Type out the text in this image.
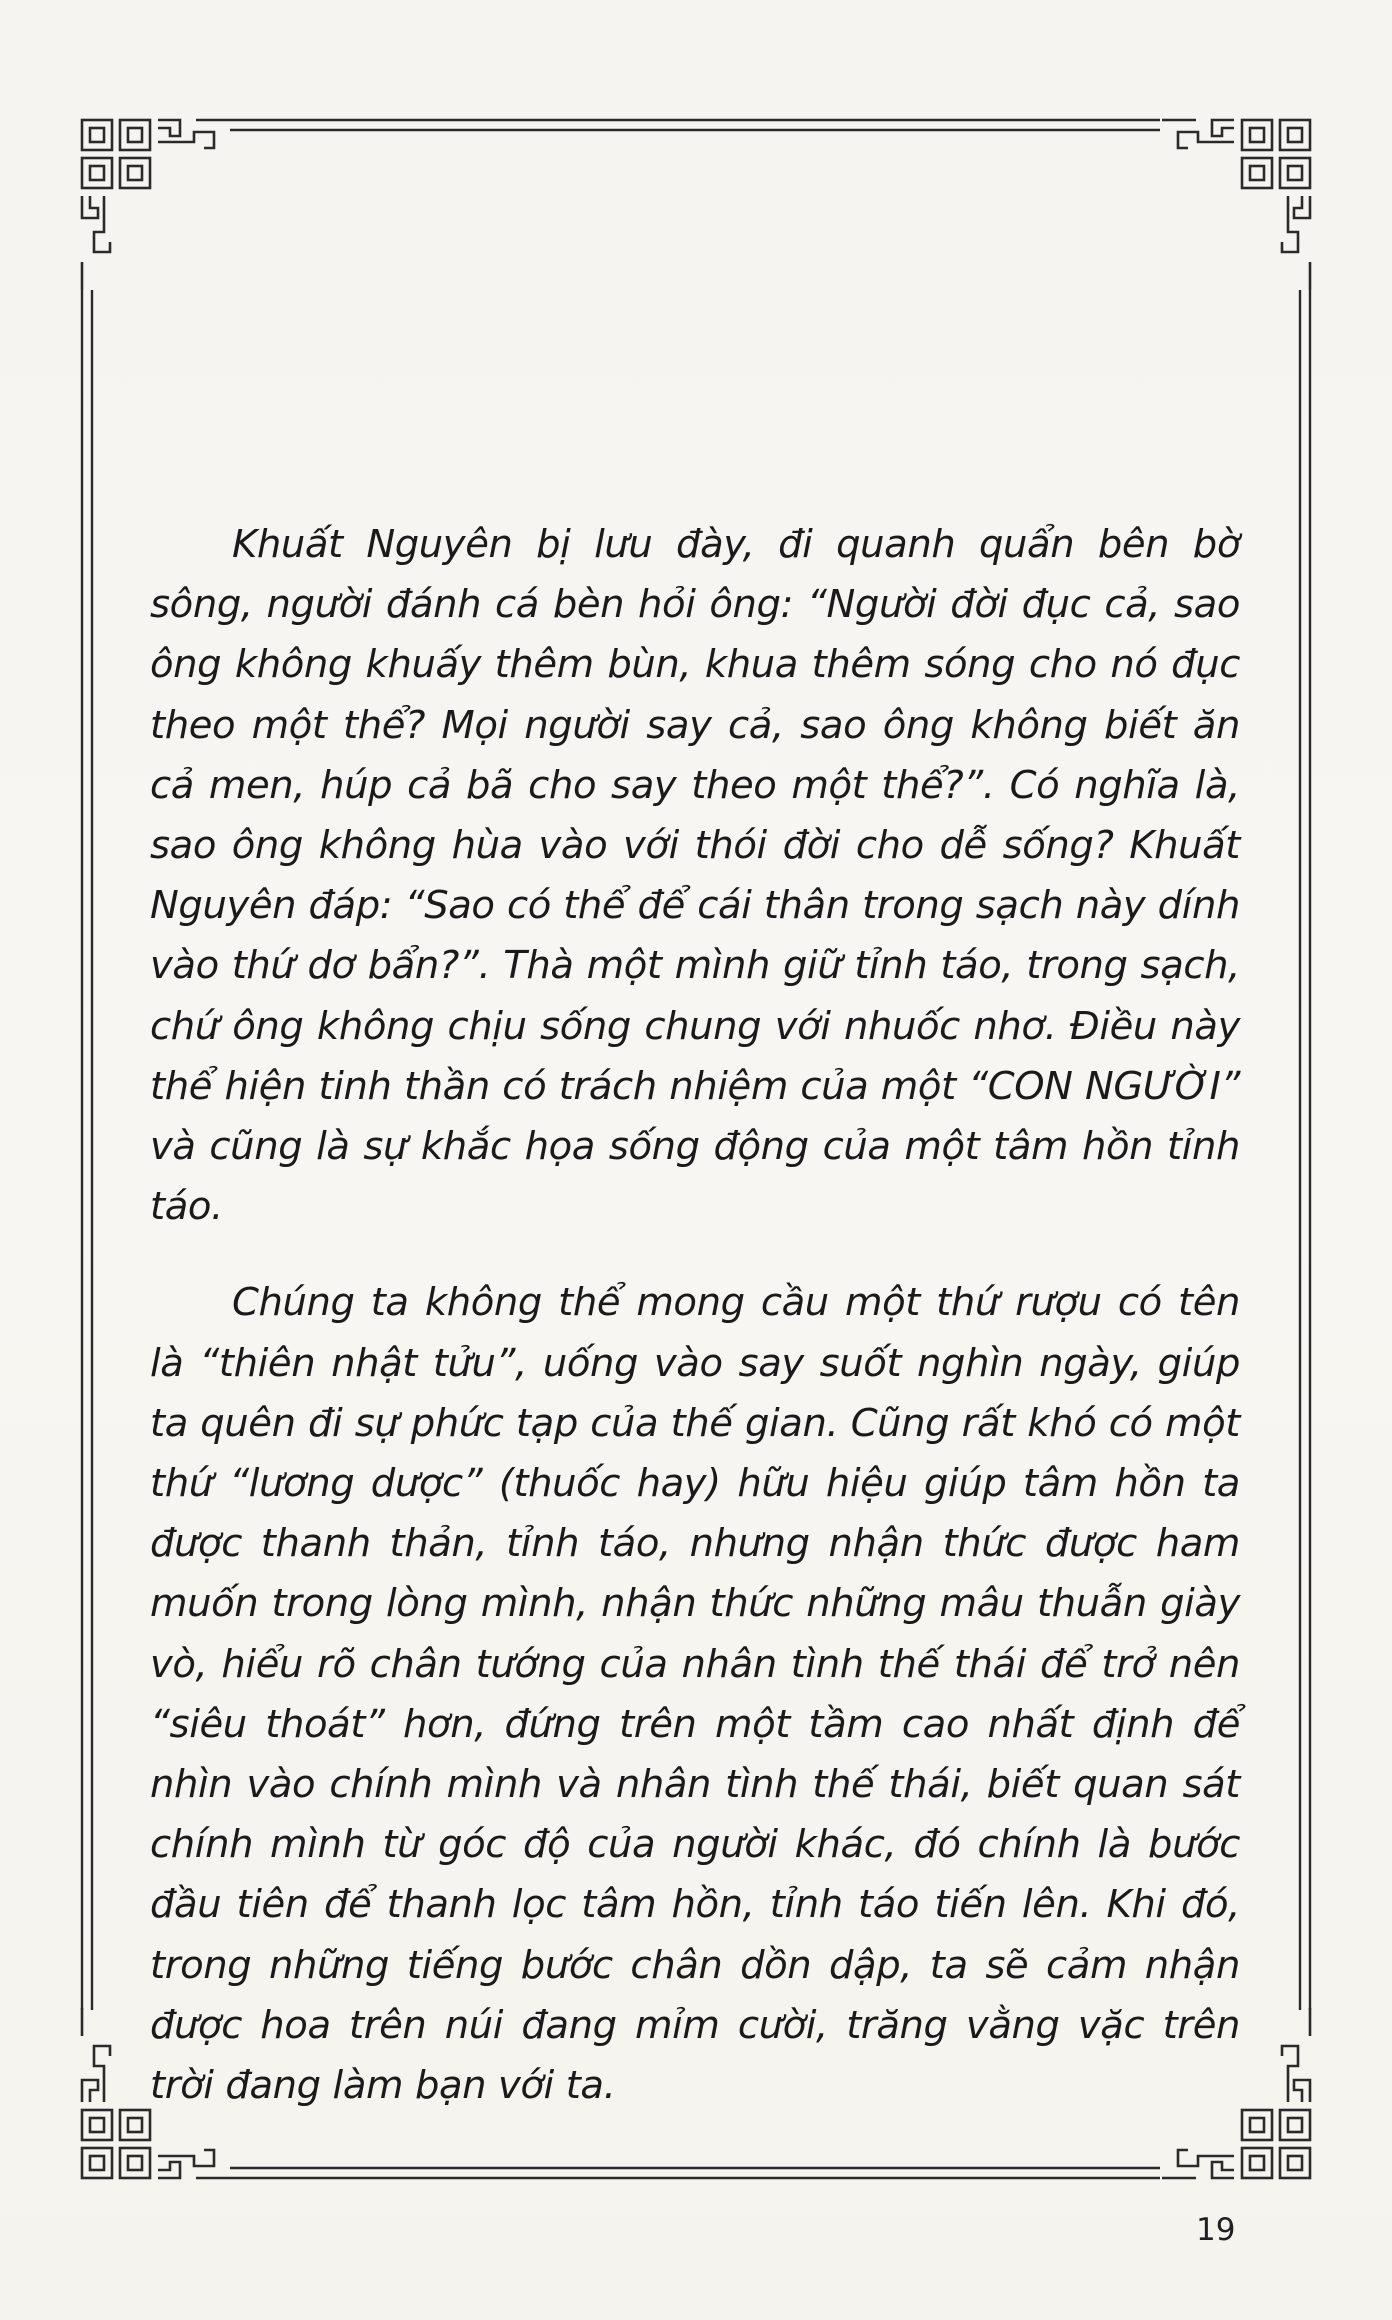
Khuất Nguyên bị lưu đày, đi quanh quẩn bên bờ sông, người đánh cá bèn hỏi ông: “Người đời đục cả, sao ông không khuấy thêm bùn, khua thêm sóng cho nó đục theo một thể? Mọi người say cả, sao ông không biết ăn cả men, húp cả bã cho say theo một thể?”. Có nghĩa là, sao ông không hùa vào với thói đời cho dễ sống? Khuất Nguyên đáp: “Sao có thể để cái thân trong sạch này dính vào thứ dơ bẩn?”. Thà một mình giữ tỉnh táo, trong sạch, chứ ông không chịu sống chung với nhuốc nhơ. Điều này thể hiện tinh thần có trách nhiệm của một “CON NGƯỜI” và cũng là sự khắc họa sống động của một tâm hồn tỉnh táo.

Chúng ta không thể mong cầu một thứ rượu có tên là “thiên nhật tửu”, uống vào say suốt nghìn ngày, giúp ta quên đi sự phức tạp của thế gian. Cũng rất khó có một thứ “lương dược” (thuốc hay) hữu hiệu giúp tâm hồn ta được thanh thản, tỉnh táo, nhưng nhận thức được ham muốn trong lòng mình, nhận thức những mâu thuẫn giày vò, hiểu rõ chân tướng của nhân tình thế thái để trở nên “siêu thoát” hơn, đứng trên một tầm cao nhất định để nhìn vào chính mình và nhân tình thế thái, biết quan sát chính mình từ góc độ của người khác, đó chính là bước đầu tiên để thanh lọc tâm hồn, tỉnh táo tiến lên. Khi đó, trong những tiếng bước chân dồn dập, ta sẽ cảm nhận được hoa trên núi đang mỉm cười, trăng vằng vặc trên trời đang làm bạn với ta.

19
